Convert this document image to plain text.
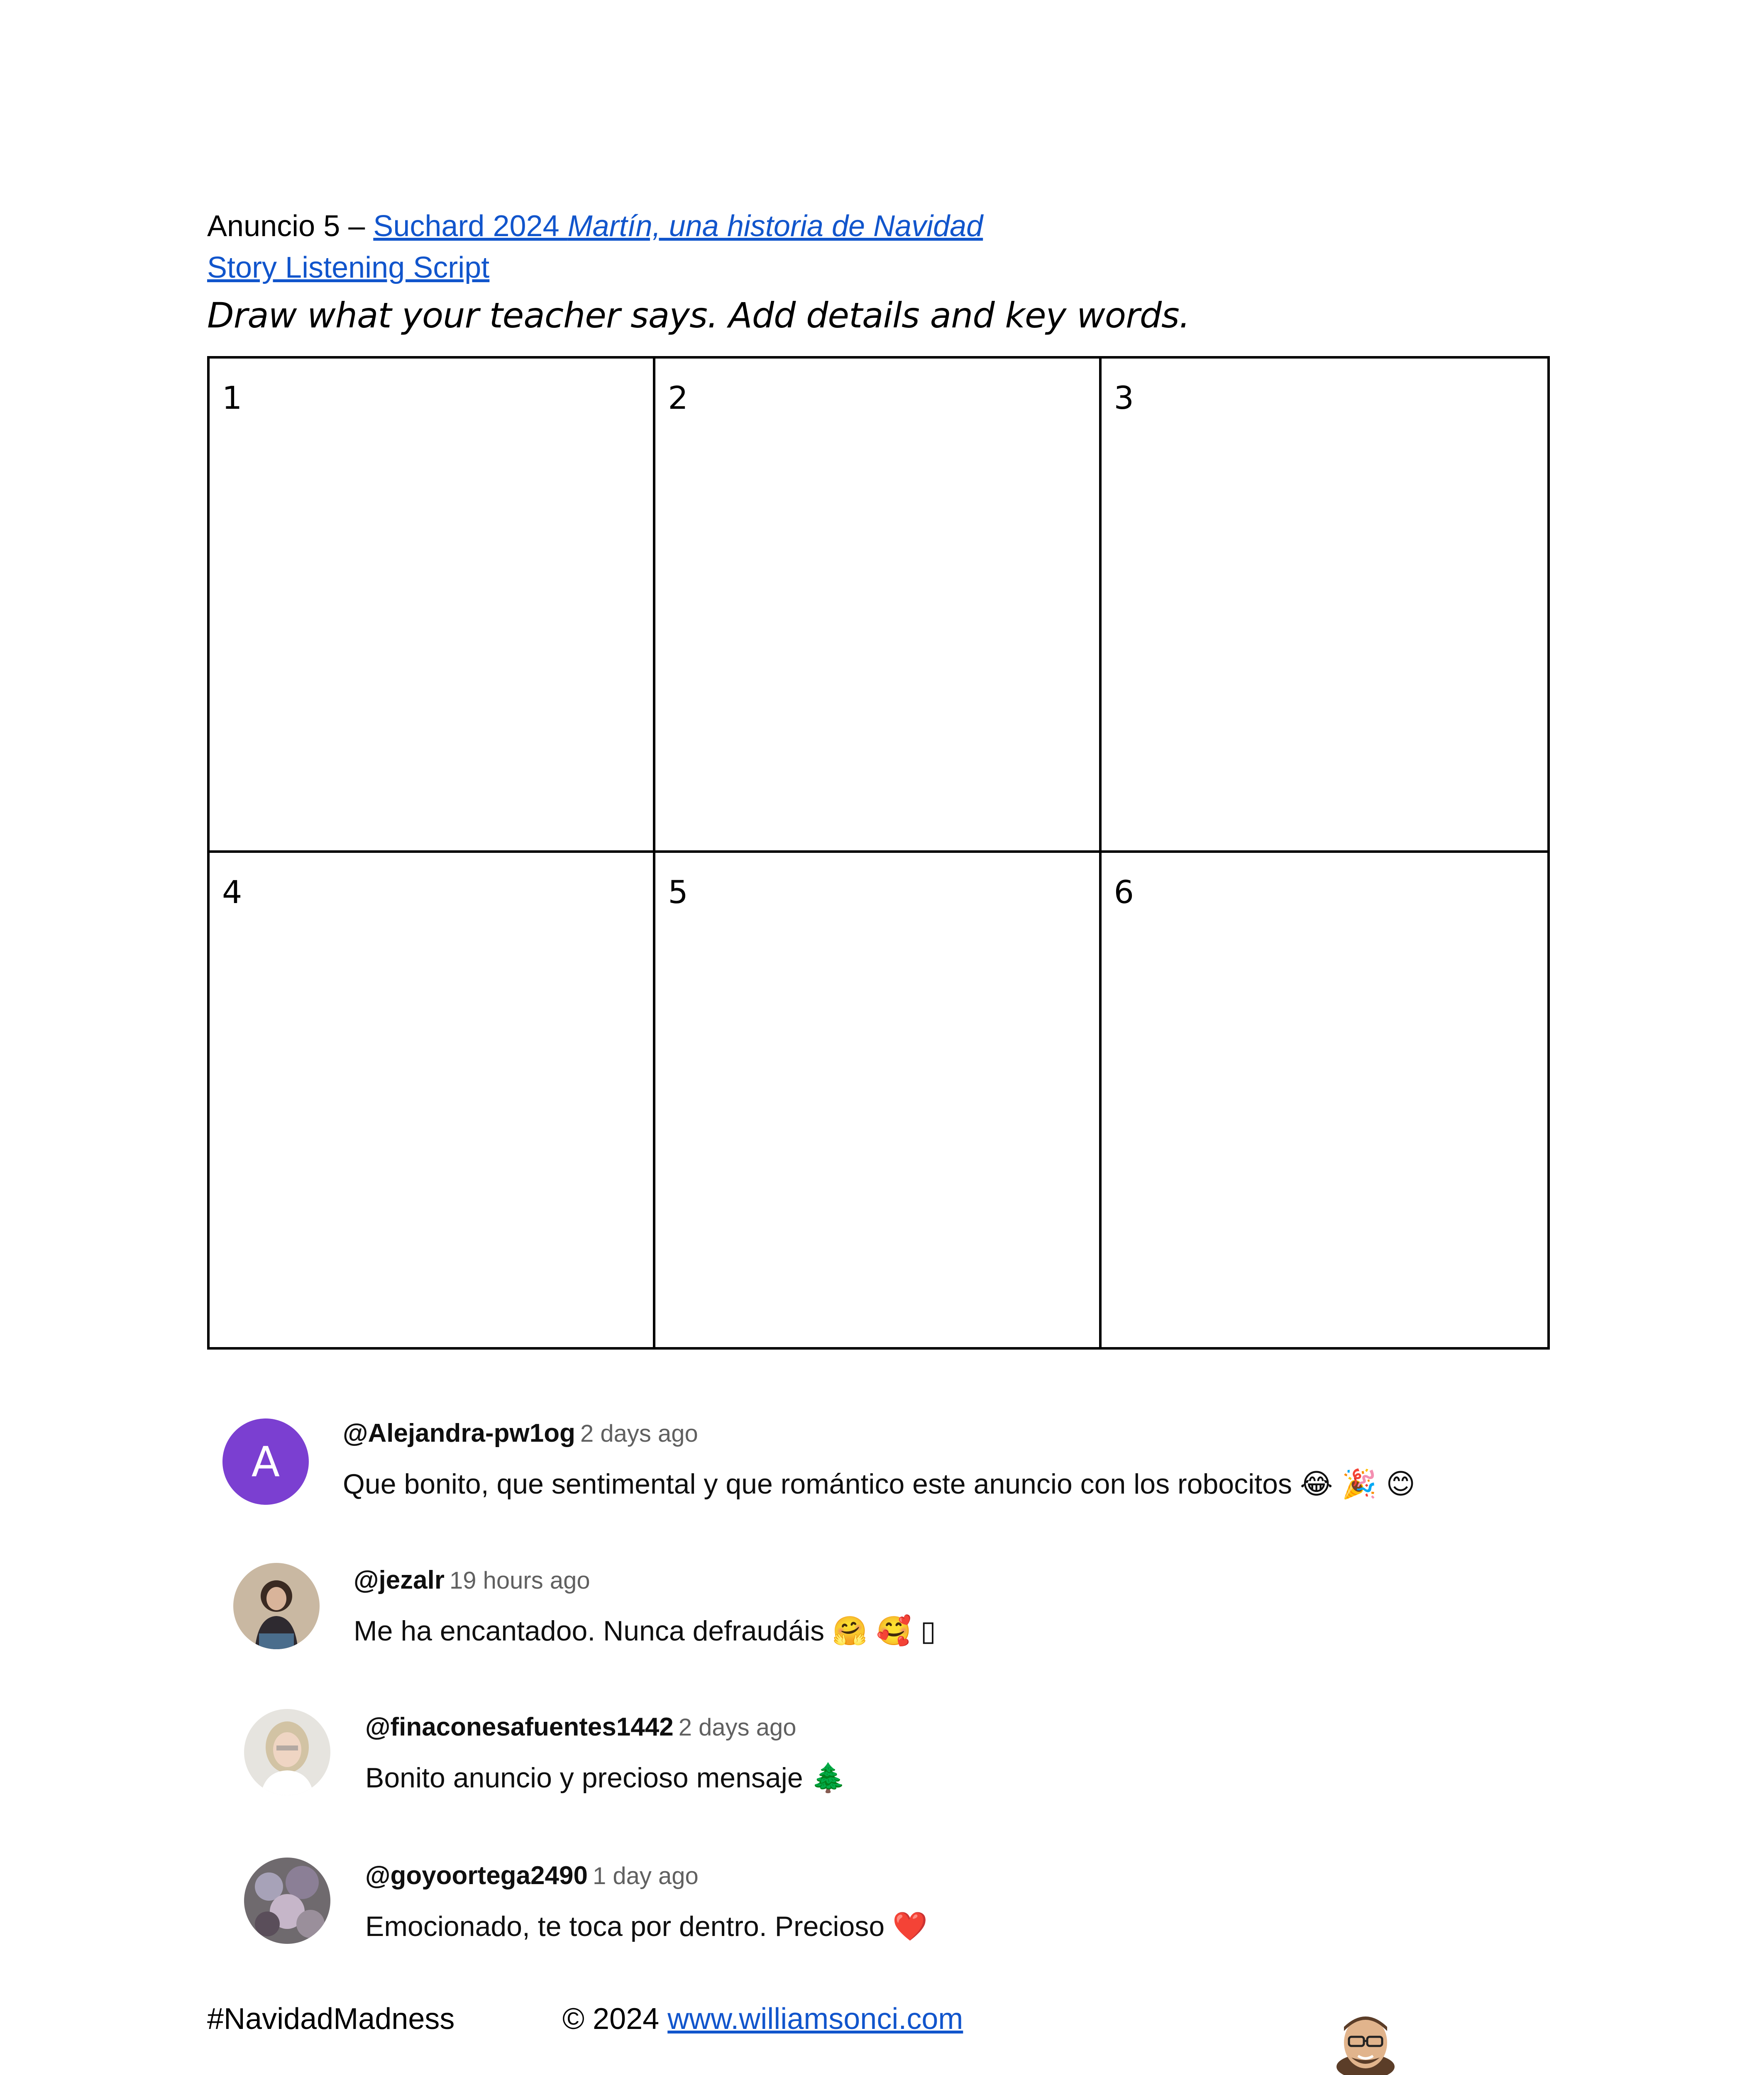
Anuncio 5 – Suchard 2024 Martín, una historia de Navidad
Story Listening Script
Draw what your teacher says. Add details and key words.
1	2	3
4	5	6
A
@Alejandra-pw1og 2 days ago
Que bonito, que sentimental y que romántico este anuncio con los robocitos 😂 🎉 😊
@jezalr 19 hours ago
Me ha encantadoo. Nunca defraudáis 🤗 🥰 ▯
@finaconesafuentes1442 2 days ago
Bonito anuncio y precioso mensaje 🌲
@goyoortega2490 1 day ago
Emocionado, te toca por dentro. Precioso ❤️
#NavidadMadness	© 2024 www.williamsonci.com
